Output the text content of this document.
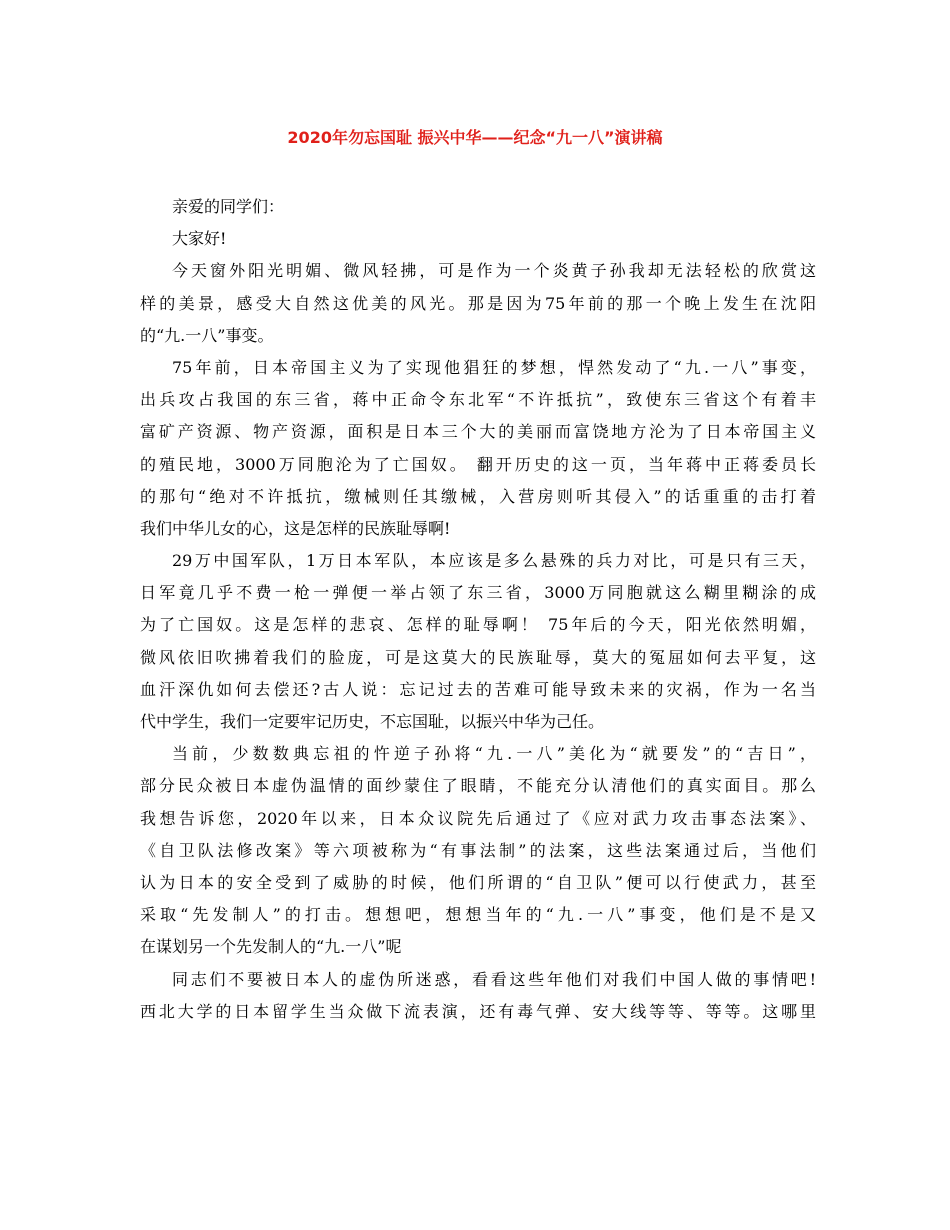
2020年勿忘国耻 振兴中华——纪念“九一八”演讲稿
亲爱的同学们：
大家好!
今天窗外阳光明媚、微风轻拂，可是作为一个炎黄子孙我却无法轻松的欣赏这
样的美景，感受大自然这优美的风光。那是因为75年前的那一个晚上发生在沈阳
的“九.一八”事变。
75年前，日本帝国主义为了实现他猖狂的梦想，悍然发动了“九.一八”事变，
出兵攻占我国的东三省，蒋中正命令东北军“不许抵抗”，致使东三省这个有着丰
富矿产资源、物产资源，面积是日本三个大的美丽而富饶地方沦为了日本帝国主义
的殖民地，3000万同胞沦为了亡国奴。 翻开历史的这一页，当年蒋中正蒋委员长
的那句“绝对不许抵抗，缴械则任其缴械，入营房则听其侵入”的话重重的击打着
我们中华儿女的心，这是怎样的民族耻辱啊!
29万中国军队，1万日本军队，本应该是多么悬殊的兵力对比，可是只有三天，
日军竟几乎不费一枪一弹便一举占领了东三省，3000万同胞就这么糊里糊涂的成
为了亡国奴。这是怎样的悲哀、怎样的耻辱啊！ 75年后的今天，阳光依然明媚，
微风依旧吹拂着我们的脸庞，可是这莫大的民族耻辱，莫大的冤屈如何去平复，这
血汗深仇如何去偿还?古人说：忘记过去的苦难可能导致未来的灾祸，作为一名当
代中学生，我们一定要牢记历史，不忘国耻，以振兴中华为己任。
当前，少数数典忘祖的忤逆子孙将“九.一八”美化为“就要发”的“吉日”，
部分民众被日本虚伪温情的面纱蒙住了眼睛，不能充分认清他们的真实面目。那么
我想告诉您，2020年以来，日本众议院先后通过了《应对武力攻击事态法案》、
《自卫队法修改案》等六项被称为“有事法制”的法案，这些法案通过后，当他们
认为日本的安全受到了威胁的时候，他们所谓的“自卫队”便可以行使武力，甚至
采取“先发制人”的打击。想想吧，想想当年的“九.一八”事变，他们是不是又
在谋划另一个先发制人的“九.一八”呢
同志们不要被日本人的虚伪所迷惑，看看这些年他们对我们中国人做的事情吧!
西北大学的日本留学生当众做下流表演，还有毒气弹、安大线等等、等等。这哪里
